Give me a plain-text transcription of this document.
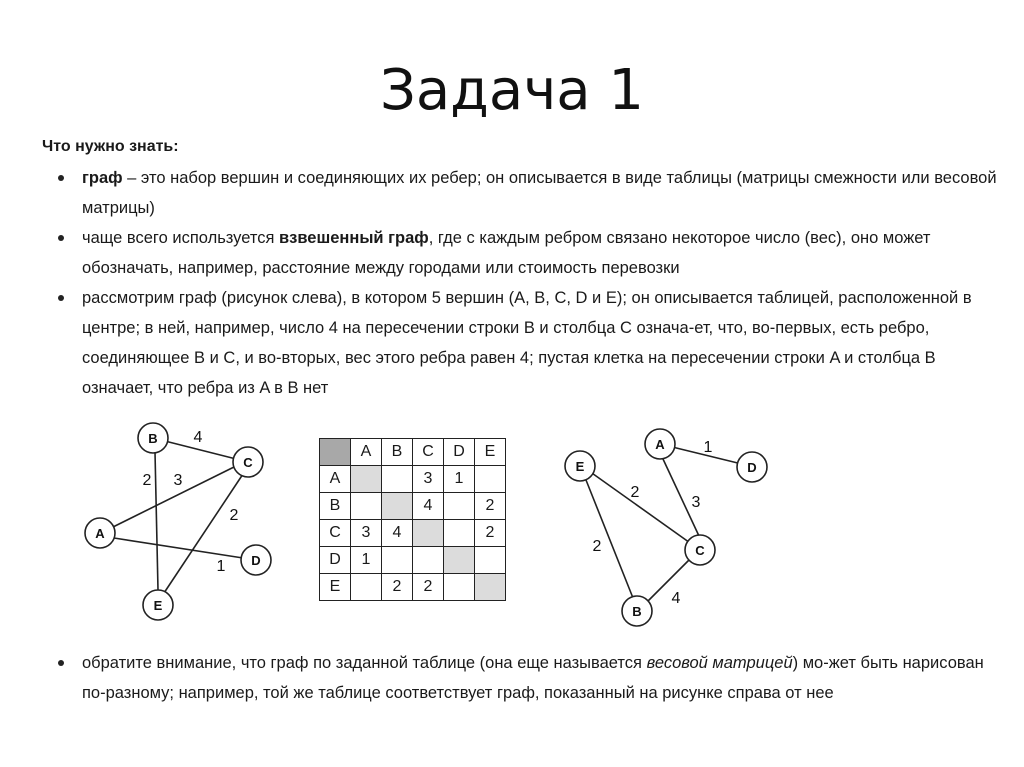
Задача 1
Что нужно знать:
граф – это набор вершин и соединяющих их ребер; он описывается в виде таблицы (матрицы смежности или весовой матрицы)
чаще всего используется взвешенный граф, где с каждым ребром связано некоторое число (вес), оно может обозначать, например, расстояние между городами или стоимость перевозки
рассмотрим граф (рисунок слева), в котором 5 вершин (A, B, C, D и E); он описывается таблицей, расположенной в центре; в ней, например, число 4 на пересечении строки B и столбца C означа-ет, что, во-первых, есть ребро, соединяющее B и C, и во-вторых, вес этого ребра равен 4; пустая клетка на пересечении строки A и столбца B означает, что ребра из A в B нет
B
C
A
D
E
4
2 3
2
1
A
D
E
C
B
1
2
3
2
4
	A	B	C	D	E
A			3	1	
B			4		2
C	3	4			2
D	1				
E		2	2		
обратите внимание, что граф по заданной таблице (она еще называется весовой матрицей) мо-жет быть нарисован по-разному; например, той же таблице соответствует граф, показанный на рисунке справа от нее
